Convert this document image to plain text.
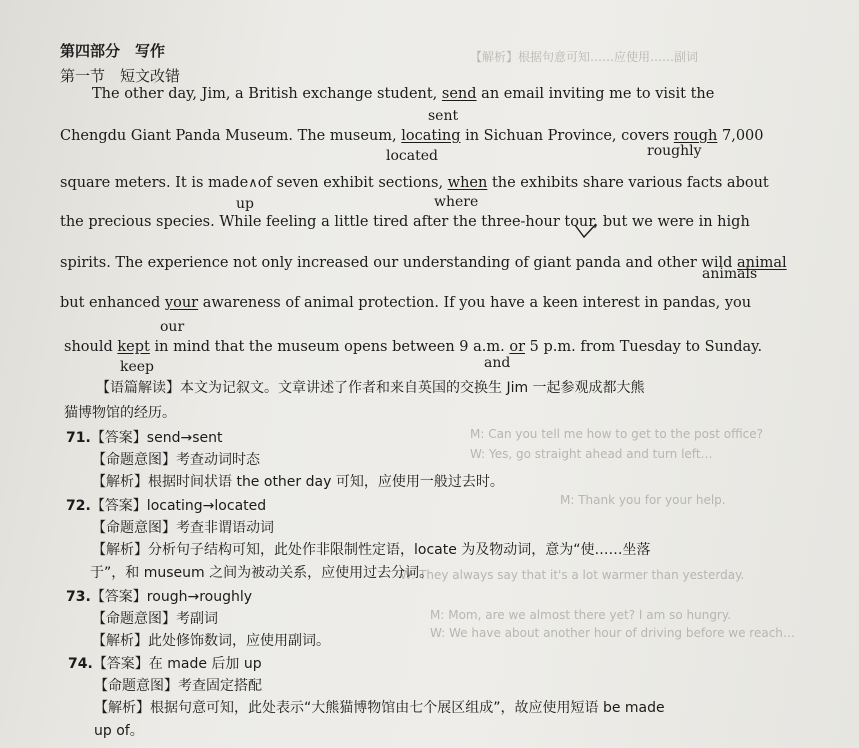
【解析】根据句意可知……应使用……副词
M: Can you tell me how to get to the post office?
W: Yes, go straight ahead and turn left…
M: Thank you for your help.
W: They always say that it's a lot warmer than yesterday.
M: Mom, are we almost there yet? I am so hungry.
W: We have about another hour of driving before we reach…
第四部分　写作
第一节　短文改错
The other day, Jim, a British exchange student, send an email inviting me to visit the
sent
Chengdu Giant Panda Museum. The museum, locating in Sichuan Province, covers rough 7,000
located	roughly
square meters. It is made∧of seven exhibit sections, when the exhibits share various facts about
up	where
the precious species. While feeling a little tired after the three-hour tour, but we were in high
spirits. The experience not only increased our understanding of giant panda and other wild animal
animals
but enhanced your awareness of animal protection. If you have a keen interest in pandas, you
our
should kept in mind that the museum opens between 9 a.m. or 5 p.m. from Tuesday to Sunday.
keep	and
【语篇解读】本文为记叙文。文章讲述了作者和来自英国的交换生 Jim 一起参观成都大熊
猫博物馆的经历。
71.【答案】send→sent
【命题意图】考查动词时态
【解析】根据时间状语 the other day 可知，应使用一般过去时。
72.【答案】locating→located
【命题意图】考查非谓语动词
【解析】分析句子结构可知，此处作非限制性定语，locate 为及物动词，意为“使……坐落
于”，和 museum 之间为被动关系，应使用过去分词。
73.【答案】rough→roughly
【命题意图】考副词
【解析】此处修饰数词，应使用副词。
74.【答案】在 made 后加 up
【命题意图】考查固定搭配
【解析】根据句意可知，此处表示“大熊猫博物馆由七个展区组成”，故应使用短语 be made
up of。
